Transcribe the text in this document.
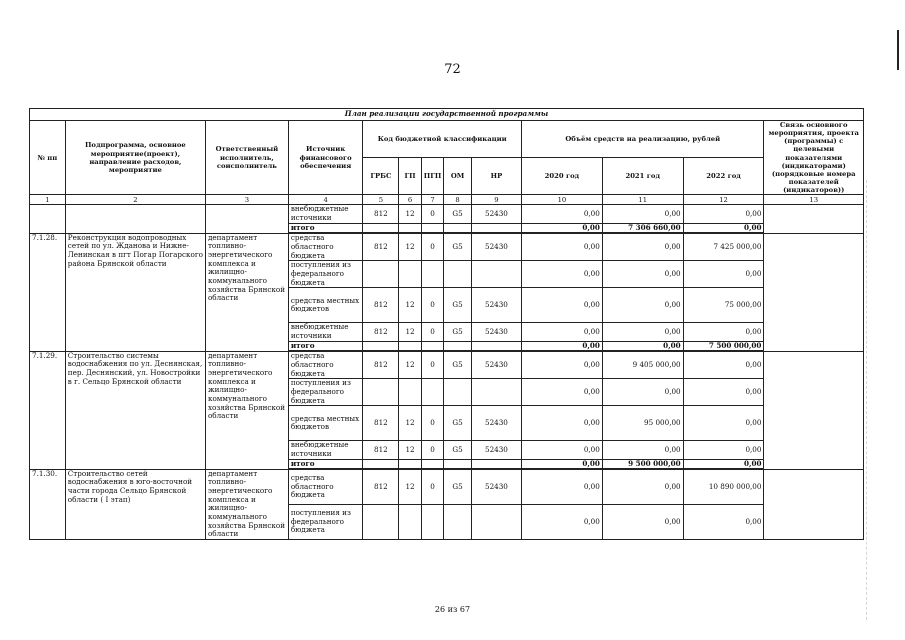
72
План реализации государственной программы												
№ пп	Подпрограмма, основное мероприятие(проект), направление расходов, мероприятие	Ответственный исполнитель, соисполнитель	Источник финансового обеспечения	Код бюджетной классификации					Объём средств на реализацию, рублей			Связь основного мероприятия, проекта (программы) с целевыми показателями (индикаторами) (порядковые номера показателей (индикаторов))
				ГРБС	ГП	ПГП	ОМ	НР	2020 год	2021 год	2022 год	
1	2	3	4	5	6	7	8	9	10	11	12	13
			внебюджетные источники	812	12	0	G5	52430	0,00	0,00	0,00	
			итого						0,00	7 306 660,00	0,00	
7.1.28.	Реконструкция водопроводных сетей по ул. Жданова и Нижне-Ленинская в пгт Погар Погарского района Брянской области	департамент топливно-энергетического комплекса и жилищно-коммунального хозяйства Брянской области	средства областного бюджета	812	12	0	G5	52430	0,00	0,00	7 425 000,00	
			поступления из федерального бюджета						0,00	0,00	0,00	
			средства местных бюджетов	812	12	0	G5	52430	0,00	0,00	75 000,00	
			внебюджетные источники	812	12	0	G5	52430	0,00	0,00	0,00	
			итого						0,00	0,00	7 500 000,00	
7.1.29.	Строительство системы водоснабжения по ул. Деснянская, пер. Деснянский, ул. Новостройки в г. Сельцо Брянской области	департамент топливно-энергетического комплекса и жилищно-коммунального хозяйства Брянской области	средства областного бюджета	812	12	0	G5	52430	0,00	9 405 000,00	0,00	
			поступления из федерального бюджета						0,00	0,00	0,00	
			средства местных бюджетов	812	12	0	G5	52430	0,00	95 000,00	0,00	
			внебюджетные источники	812	12	0	G5	52430	0,00	0,00	0,00	
			итого						0,00	9 500 000,00	0,00	
7.1.30.	Строительство сетей водоснабжения в юго-восточной части города Сельцо Брянской области ( I этап)	департамент топливно-энергетического комплекса и жилищно-коммунального хозяйства Брянской области	средства областного бюджета	812	12	0	G5	52430	0,00	0,00	10 890 000,00	
			поступления из федерального бюджета						0,00	0,00	0,00	
26 из 67
